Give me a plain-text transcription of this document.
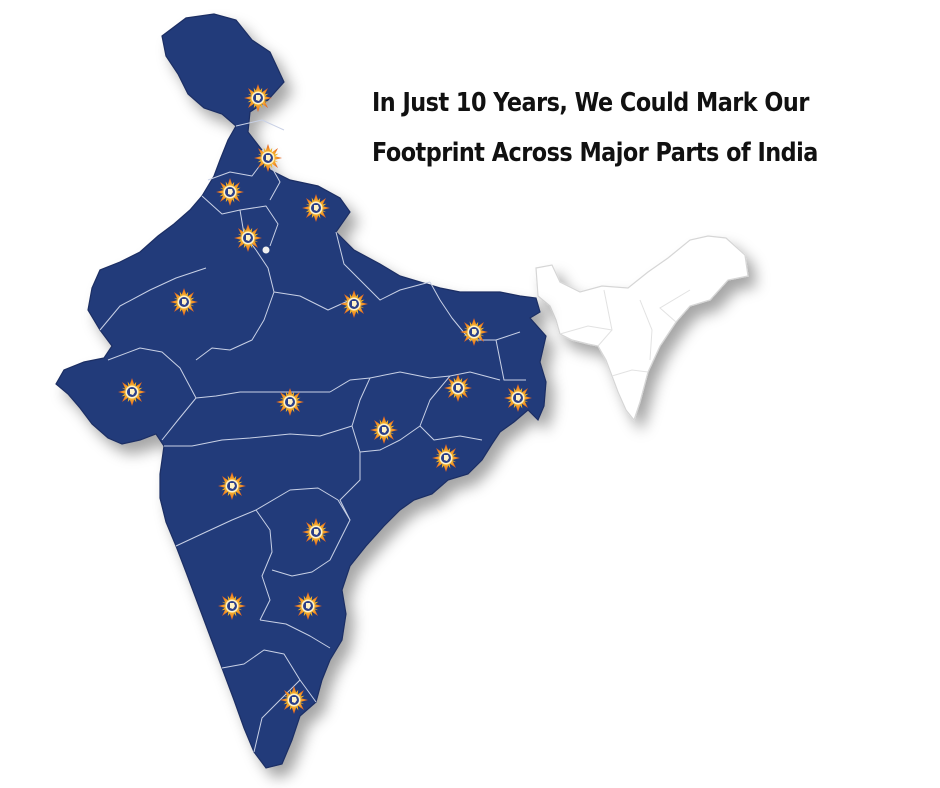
In Just 10 Years, We Could Mark Our
Footprint Across Major Parts of India
